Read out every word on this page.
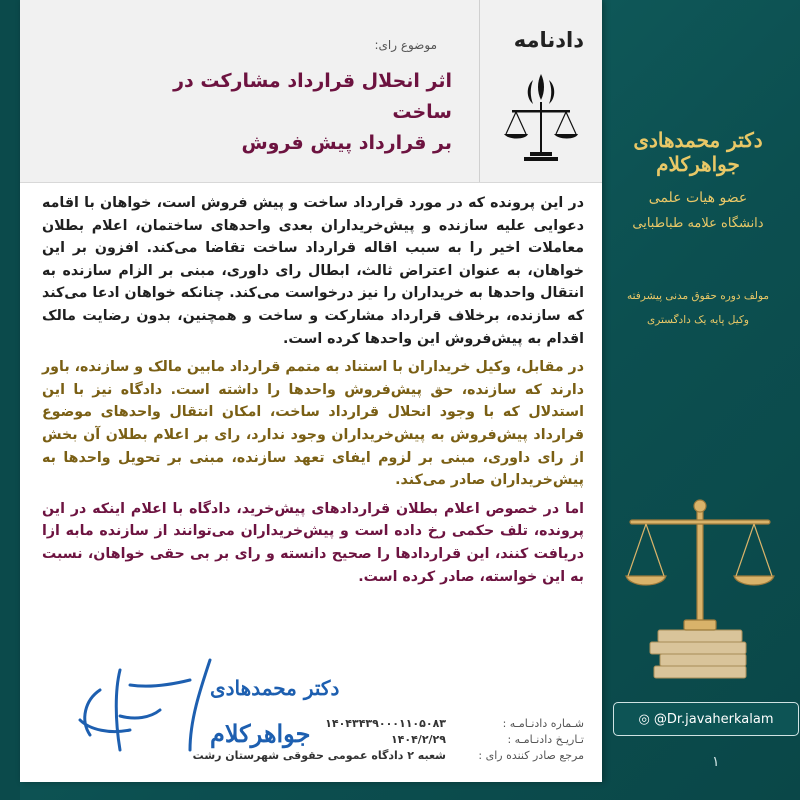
دادنامه
موضوع رای:
اثر انحلال قرارداد مشارکت در ساخت
بر قرارداد پیش فروش

در این پرونده که در مورد قرارداد ساخت و پیش فروش است، خواهان با اقامه دعوایی علیه سازنده و پیش‌خریداران بعدی واحدهای ساختمان، اعلام بطلان معاملات اخیر را به سبب اقاله قرارداد ساخت تقاضا می‌کند. افزون بر این خواهان، به عنوان اعتراض ثالث، ابطال رای داوری، مبنی بر الزام سازنده به انتقال واحدها به خریداران را نیز درخواست می‌کند. چنانکه خواهان ادعا می‌کند که سازنده، برخلاف قرارداد مشارکت و ساخت و همچنین، بدون رضایت مالک اقدام به پیش‌فروش این واحدها کرده است.

در مقابل، وکیل خریداران با استناد به متمم قرارداد مابین مالک و سازنده، باور دارند که سازنده، حق پیش‌فروش واحدها را داشته است. دادگاه نیز با این استدلال که با وجود انحلال قرارداد ساخت، امکان انتقال واحدهای موضوع قرارداد پیش‌فروش به پیش‌خریداران وجود ندارد، رای بر اعلام بطلان آن بخش از رای داوری، مبنی بر لزوم ایفای تعهد سازنده، مبنی بر تحویل واحدها به پیش‌خریداران صادر می‌کند.

اما در خصوص اعلام بطلان قراردادهای پیش‌خرید، دادگاه با اعلام اینکه در این پرونده، تلف حکمی رخ داده است و پیش‌خریداران می‌توانند از سازنده مابه ازا دریافت کنند، این قراردادها را صحیح دانسته و رای بر بی حقی خواهان، نسبت به این خواسته، صادر کرده است.

دکتر محمدهادی
جواهرکلام	شـماره دادنـامـه :
۱۴۰۴۳۴۳۹۰۰۰۱۱۰۵۰۸۳
تـاریـخ دادنـامـه :
۱۴۰۴/۲/۲۹
مرجع صادر کننده رای :
شعبه ۲ دادگاه عمومی حقوقی شهرستان رشت
دکتر محمدهادی جواهرکلام
عضو هیات علمی
دانشگاه علامه طباطبایی
مولف دوره حقوق مدنی پیشرفته
وکیل پایه یک دادگستری
◎ @Dr.javaherkalam
۱
